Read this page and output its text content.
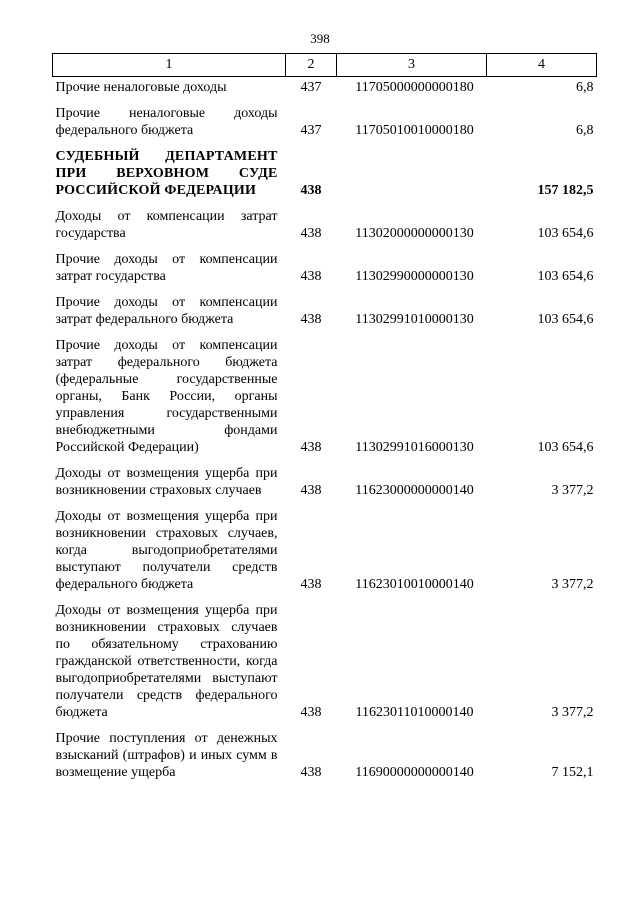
398
1	2	3	4
Прочие неналоговые доходы	437	11705000000000180	6,8
Прочие неналоговые доходы федерального бюджета	437	11705010010000180	6,8
СУДЕБНЫЙ ДЕПАРТАМЕНТ ПРИ ВЕРХОВНОМ СУДЕ РОССИЙСКОЙ ФЕДЕРАЦИИ	438		157 182,5
Доходы от компенсации затрат государства	438	11302000000000130	103 654,6
Прочие доходы от компенсации затрат государства	438	11302990000000130	103 654,6
Прочие доходы от компенсации затрат федерального бюджета	438	11302991010000130	103 654,6
Прочие доходы от компенсации затрат федерального бюджета (федеральные государственные органы, Банк России, органы управления государственными внебюджетными фондами Российской Федерации)	438	11302991016000130	103 654,6
Доходы от возмещения ущерба при возникновении страховых случаев	438	11623000000000140	3 377,2
Доходы от возмещения ущерба при возникновении страховых случаев, когда выгодоприобретателями выступают получатели средств федерального бюджета	438	11623010010000140	3 377,2
Доходы от возмещения ущерба при возникновении страховых случаев по обязательному страхованию гражданской ответственности, когда выгодоприобретателями выступают получатели средств федерального бюджета	438	11623011010000140	3 377,2
Прочие поступления от денежных взысканий (штрафов) и иных сумм в возмещение ущерба	438	11690000000000140	7 152,1
